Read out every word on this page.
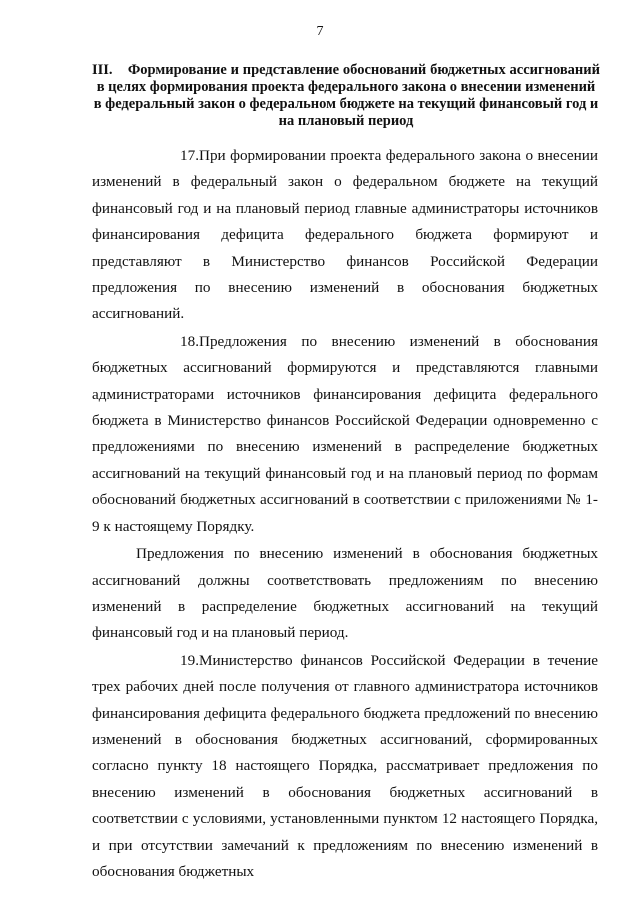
7
III. Формирование и представление обоснований бюджетных ассигнований
в целях формирования проекта федерального закона о внесении изменений в федеральный закон о федеральном бюджете на текущий финансовый год и на плановый период

17.При формировании проекта федерального закона о внесении изменений в федеральный закон о федеральном бюджете на текущий финансовый год и на плановый период главные администраторы источников финансирования дефицита федерального бюджета формируют и представляют в Министерство финансов Российской Федерации предложения по внесению изменений в обоснования бюджетных ассигнований.

18.Предложения по внесению изменений в обоснования бюджетных ассигнований формируются и представляются главными администраторами источников финансирования дефицита федерального бюджета в Министерство финансов Российской Федерации одновременно с предложениями по внесению изменений в распределение бюджетных ассигнований на текущий финансовый год и на плановый период по формам обоснований бюджетных ассигнований в соответствии с приложениями № 1-9 к настоящему Порядку.

Предложения по внесению изменений в обоснования бюджетных ассигнований должны соответствовать предложениям по внесению изменений в распределение бюджетных ассигнований на текущий финансовый год и на плановый период.

19.Министерство финансов Российской Федерации в течение трех рабочих дней после получения от главного администратора источников финансирования дефицита федерального бюджета предложений по внесению изменений в обоснования бюджетных ассигнований, сформированных согласно пункту 18 настоящего Порядка, рассматривает предложения по внесению изменений в обоснования бюджетных ассигнований в соответствии с условиями, установленными пунктом 12 настоящего Порядка, и при отсутствии замечаний к предложениям по внесению изменений в обоснования бюджетных
